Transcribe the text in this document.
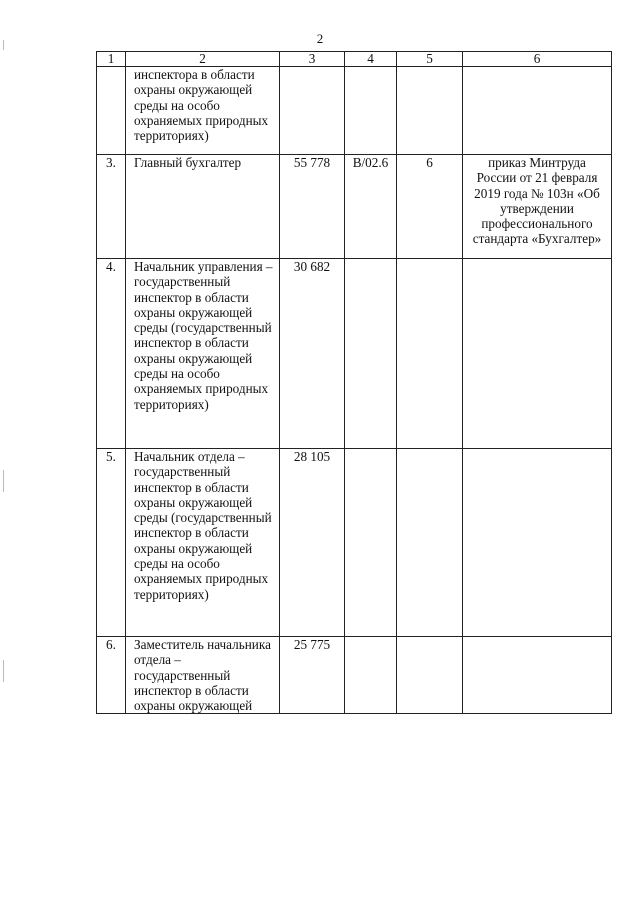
2
1	2	3	4	5	6
	инспектора в области охраны окружающей среды на особо охраняемых природных территориях)				
3.	Главный бухгалтер	55 778	В/02.6	6	приказ Минтруда России от 21 февраля 2019 года № 103н «Об утверждении профессионального стандарта «Бухгалтер»
4.	Начальник управления – государственный инспектор в области охраны окружающей среды (государственный инспектор в области охраны окружающей среды на особо охраняемых природных территориях)	30 682			
5.	Начальник отдела – государственный инспектор в области охраны окружающей среды (государственный инспектор в области охраны окружающей среды на особо охраняемых природных территориях)	28 105			
6.	Заместитель начальника отдела – государственный инспектор в области охраны окружающей	25 775			
